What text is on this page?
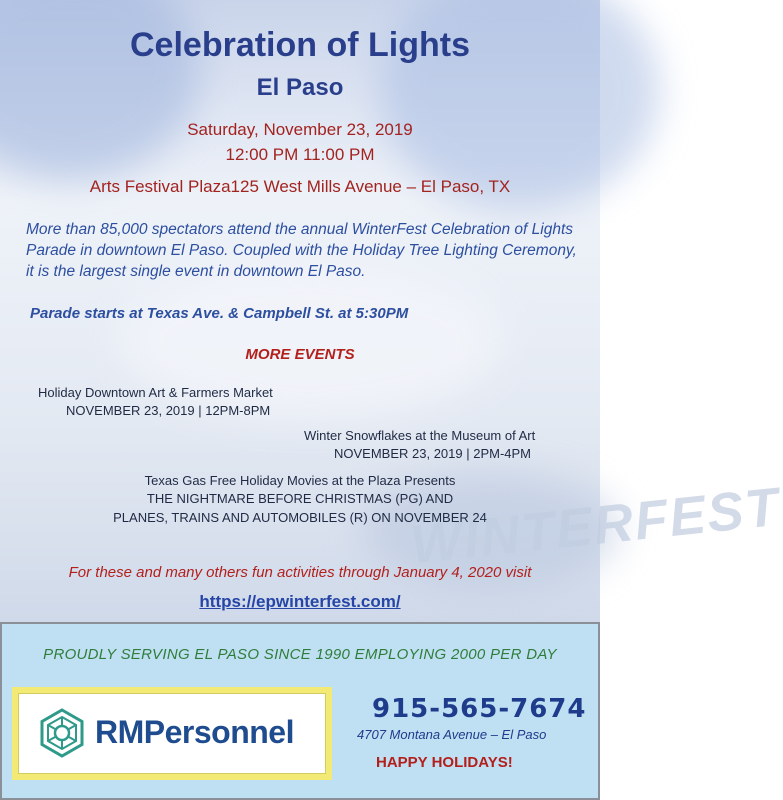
WINTERFEST
Celebration of Lights
El Paso
Saturday, November 23, 2019
12:00 PM 11:00 PM
Arts Festival Plaza125 West Mills Avenue – El Paso, TX
More than 85,000 spectators attend the annual WinterFest Celebration of Lights Parade in downtown El Paso. Coupled with the Holiday Tree Lighting Ceremony, it is the largest single event in downtown El Paso.
Parade starts at Texas Ave. & Campbell St. at 5:30PM
MORE EVENTS
Holiday Downtown Art & Farmers Market
NOVEMBER 23, 2019 | 12PM-8PM
Winter Snowflakes at the Museum of Art
NOVEMBER 23, 2019 | 2PM-4PM
Texas Gas Free Holiday Movies at the Plaza Presents
THE NIGHTMARE BEFORE CHRISTMAS (PG) AND
PLANES, TRAINS AND AUTOMOBILES (R) ON NOVEMBER 24
For these and many others fun activities through January 4, 2020 visit
https://epwinterfest.com/
PROUDLY SERVING EL PASO SINCE 1990 EMPLOYING 2000 PER DAY
RMPersonnel
915-565-7674
4707 Montana Avenue – El Paso
HAPPY HOLIDAYS!
